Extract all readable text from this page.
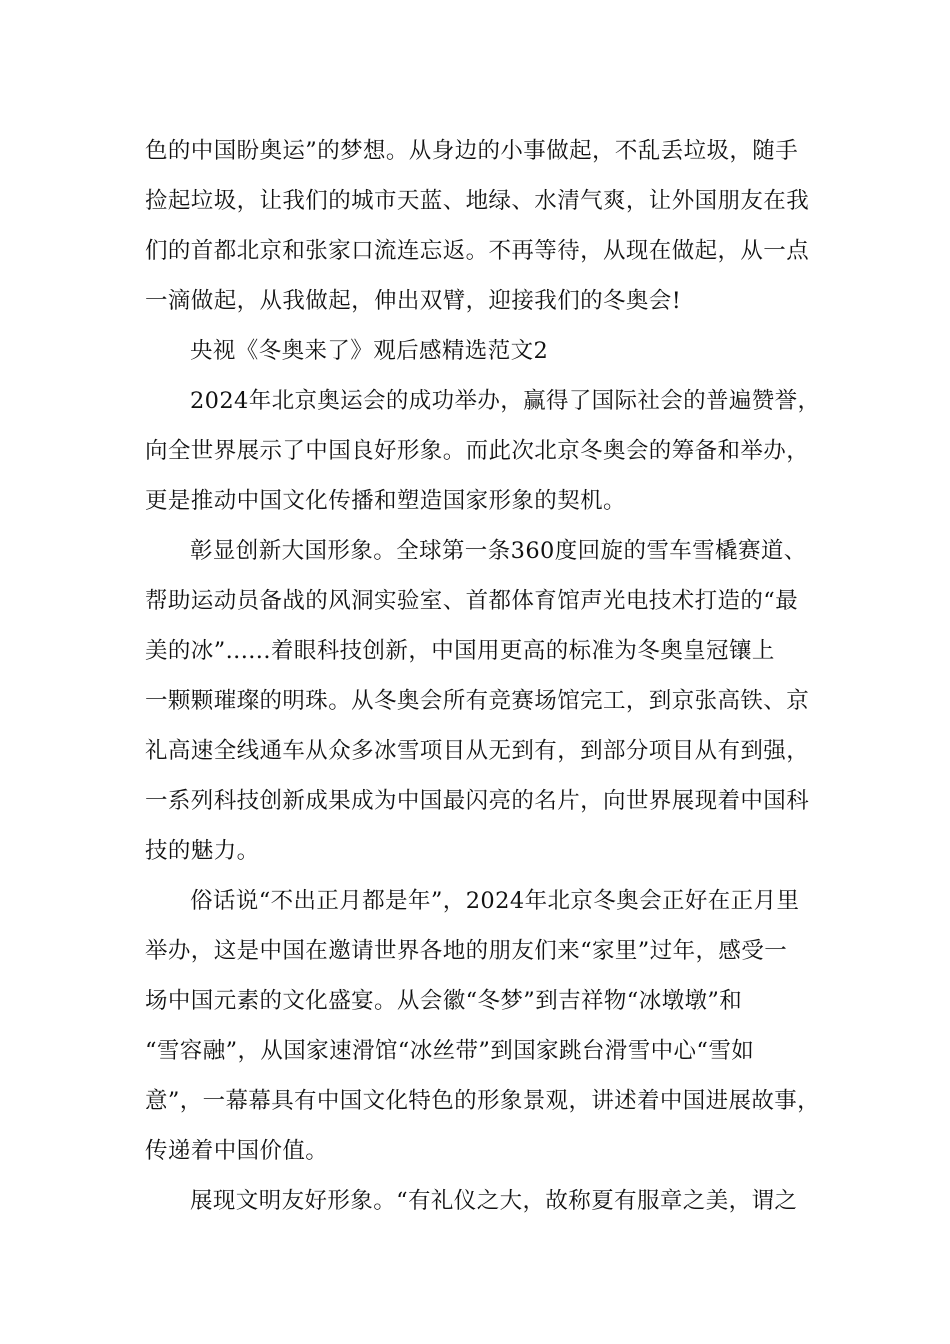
色的中国盼奥运”的梦想。从身边的小事做起，不乱丢垃圾，随手
捡起垃圾，让我们的城市天蓝、地绿、水清气爽，让外国朋友在我
们的首都北京和张家口流连忘返。不再等待，从现在做起，从一点
一滴做起，从我做起，伸出双臂，迎接我们的冬奥会!
央视《冬奥来了》观后感精选范文2
2024年北京奥运会的成功举办，赢得了国际社会的普遍赞誉，
向全世界展示了中国良好形象。而此次北京冬奥会的筹备和举办，
更是推动中国文化传播和塑造国家形象的契机。
彰显创新大国形象。全球第一条360度回旋的雪车雪橇赛道、
帮助运动员备战的风洞实验室、首都体育馆声光电技术打造的“最
美的冰”......着眼科技创新，中国用更高的标准为冬奥皇冠镶上
一颗颗璀璨的明珠。从冬奥会所有竞赛场馆完工，到京张高铁、京
礼高速全线通车从众多冰雪项目从无到有，到部分项目从有到强，
一系列科技创新成果成为中国最闪亮的名片，向世界展现着中国科
技的魅力。
俗话说“不出正月都是年”，2024年北京冬奥会正好在正月里
举办，这是中国在邀请世界各地的朋友们来“家里”过年，感受一
场中国元素的文化盛宴。从会徽“冬梦”到吉祥物“冰墩墩”和
“雪容融”，从国家速滑馆“冰丝带”到国家跳台滑雪中心“雪如
意”，一幕幕具有中国文化特色的形象景观，讲述着中国进展故事，
传递着中国价值。
展现文明友好形象。“有礼仪之大，故称夏有服章之美，谓之
